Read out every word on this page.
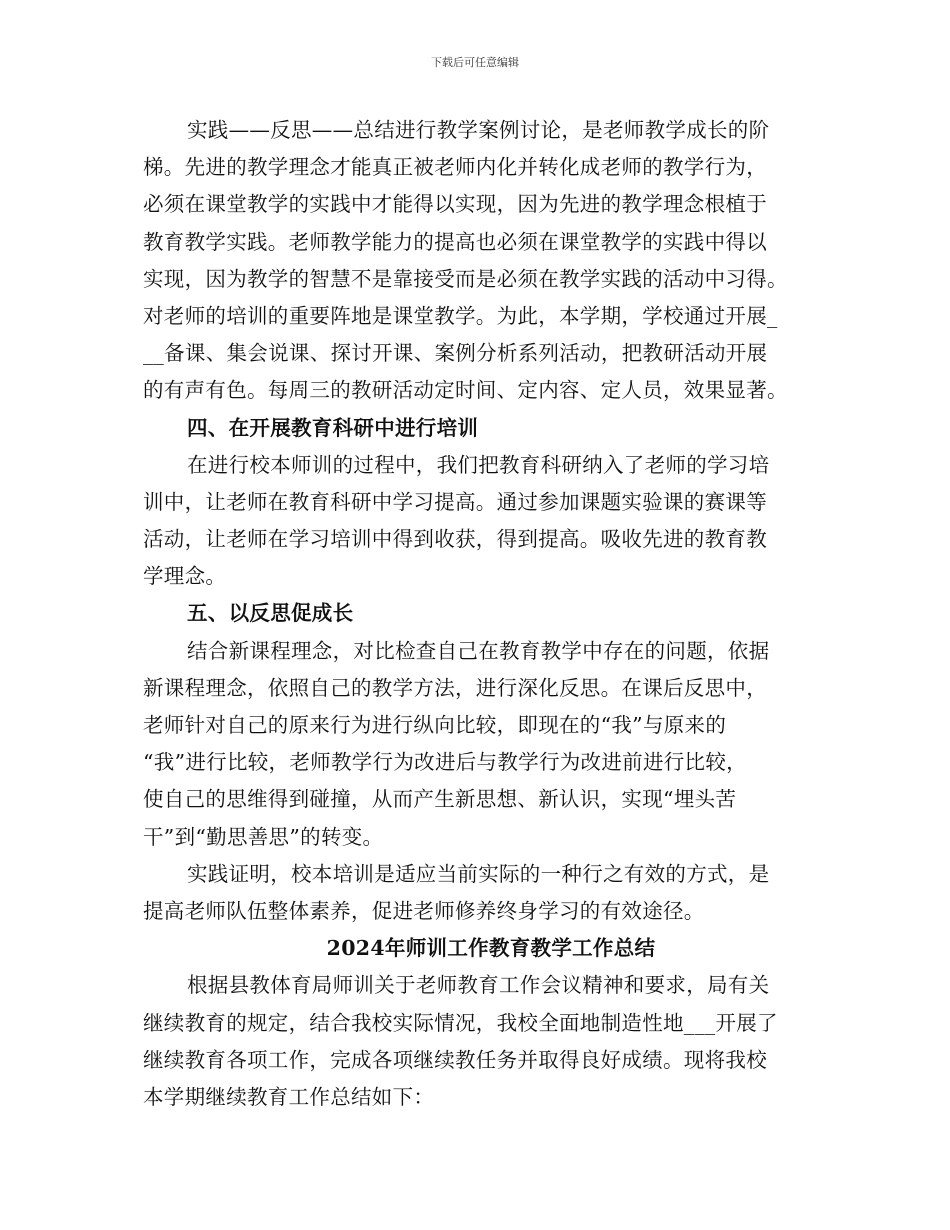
下载后可任意编辑
实践——反思——总结进行教学案例讨论，是老师教学成长的阶
梯。先进的教学理念才能真正被老师内化并转化成老师的教学行为，
必须在课堂教学的实践中才能得以实现，因为先进的教学理念根植于
教育教学实践。老师教学能力的提高也必须在课堂教学的实践中得以
实现，因为教学的智慧不是靠接受而是必须在教学实践的活动中习得。
对老师的培训的重要阵地是课堂教学。为此，本学期，学校通过开展_
__备课、集会说课、探讨开课、案例分析系列活动，把教研活动开展
的有声有色。每周三的教研活动定时间、定内容、定人员，效果显著。
四、在开展教育科研中进行培训
在进行校本师训的过程中，我们把教育科研纳入了老师的学习培
训中，让老师在教育科研中学习提高。通过参加课题实验课的赛课等
活动，让老师在学习培训中得到收获，得到提高。吸收先进的教育教
学理念。
五、以反思促成长
结合新课程理念，对比检查自己在教育教学中存在的问题，依据
新课程理念，依照自己的教学方法，进行深化反思。在课后反思中，
老师针对自己的原来行为进行纵向比较，即现在的“我”与原来的
“我”进行比较，老师教学行为改进后与教学行为改进前进行比较，
使自己的思维得到碰撞，从而产生新思想、新认识，实现“埋头苦
干”到“勤思善思”的转变。
实践证明，校本培训是适应当前实际的一种行之有效的方式，是
提高老师队伍整体素养，促进老师修养终身学习的有效途径。
2024年师训工作教育教学工作总结
根据县教体育局师训关于老师教育工作会议精神和要求，局有关
继续教育的规定，结合我校实际情况，我校全面地制造性地___开展了
继续教育各项工作，完成各项继续教任务并取得良好成绩。现将我校
本学期继续教育工作总结如下：
